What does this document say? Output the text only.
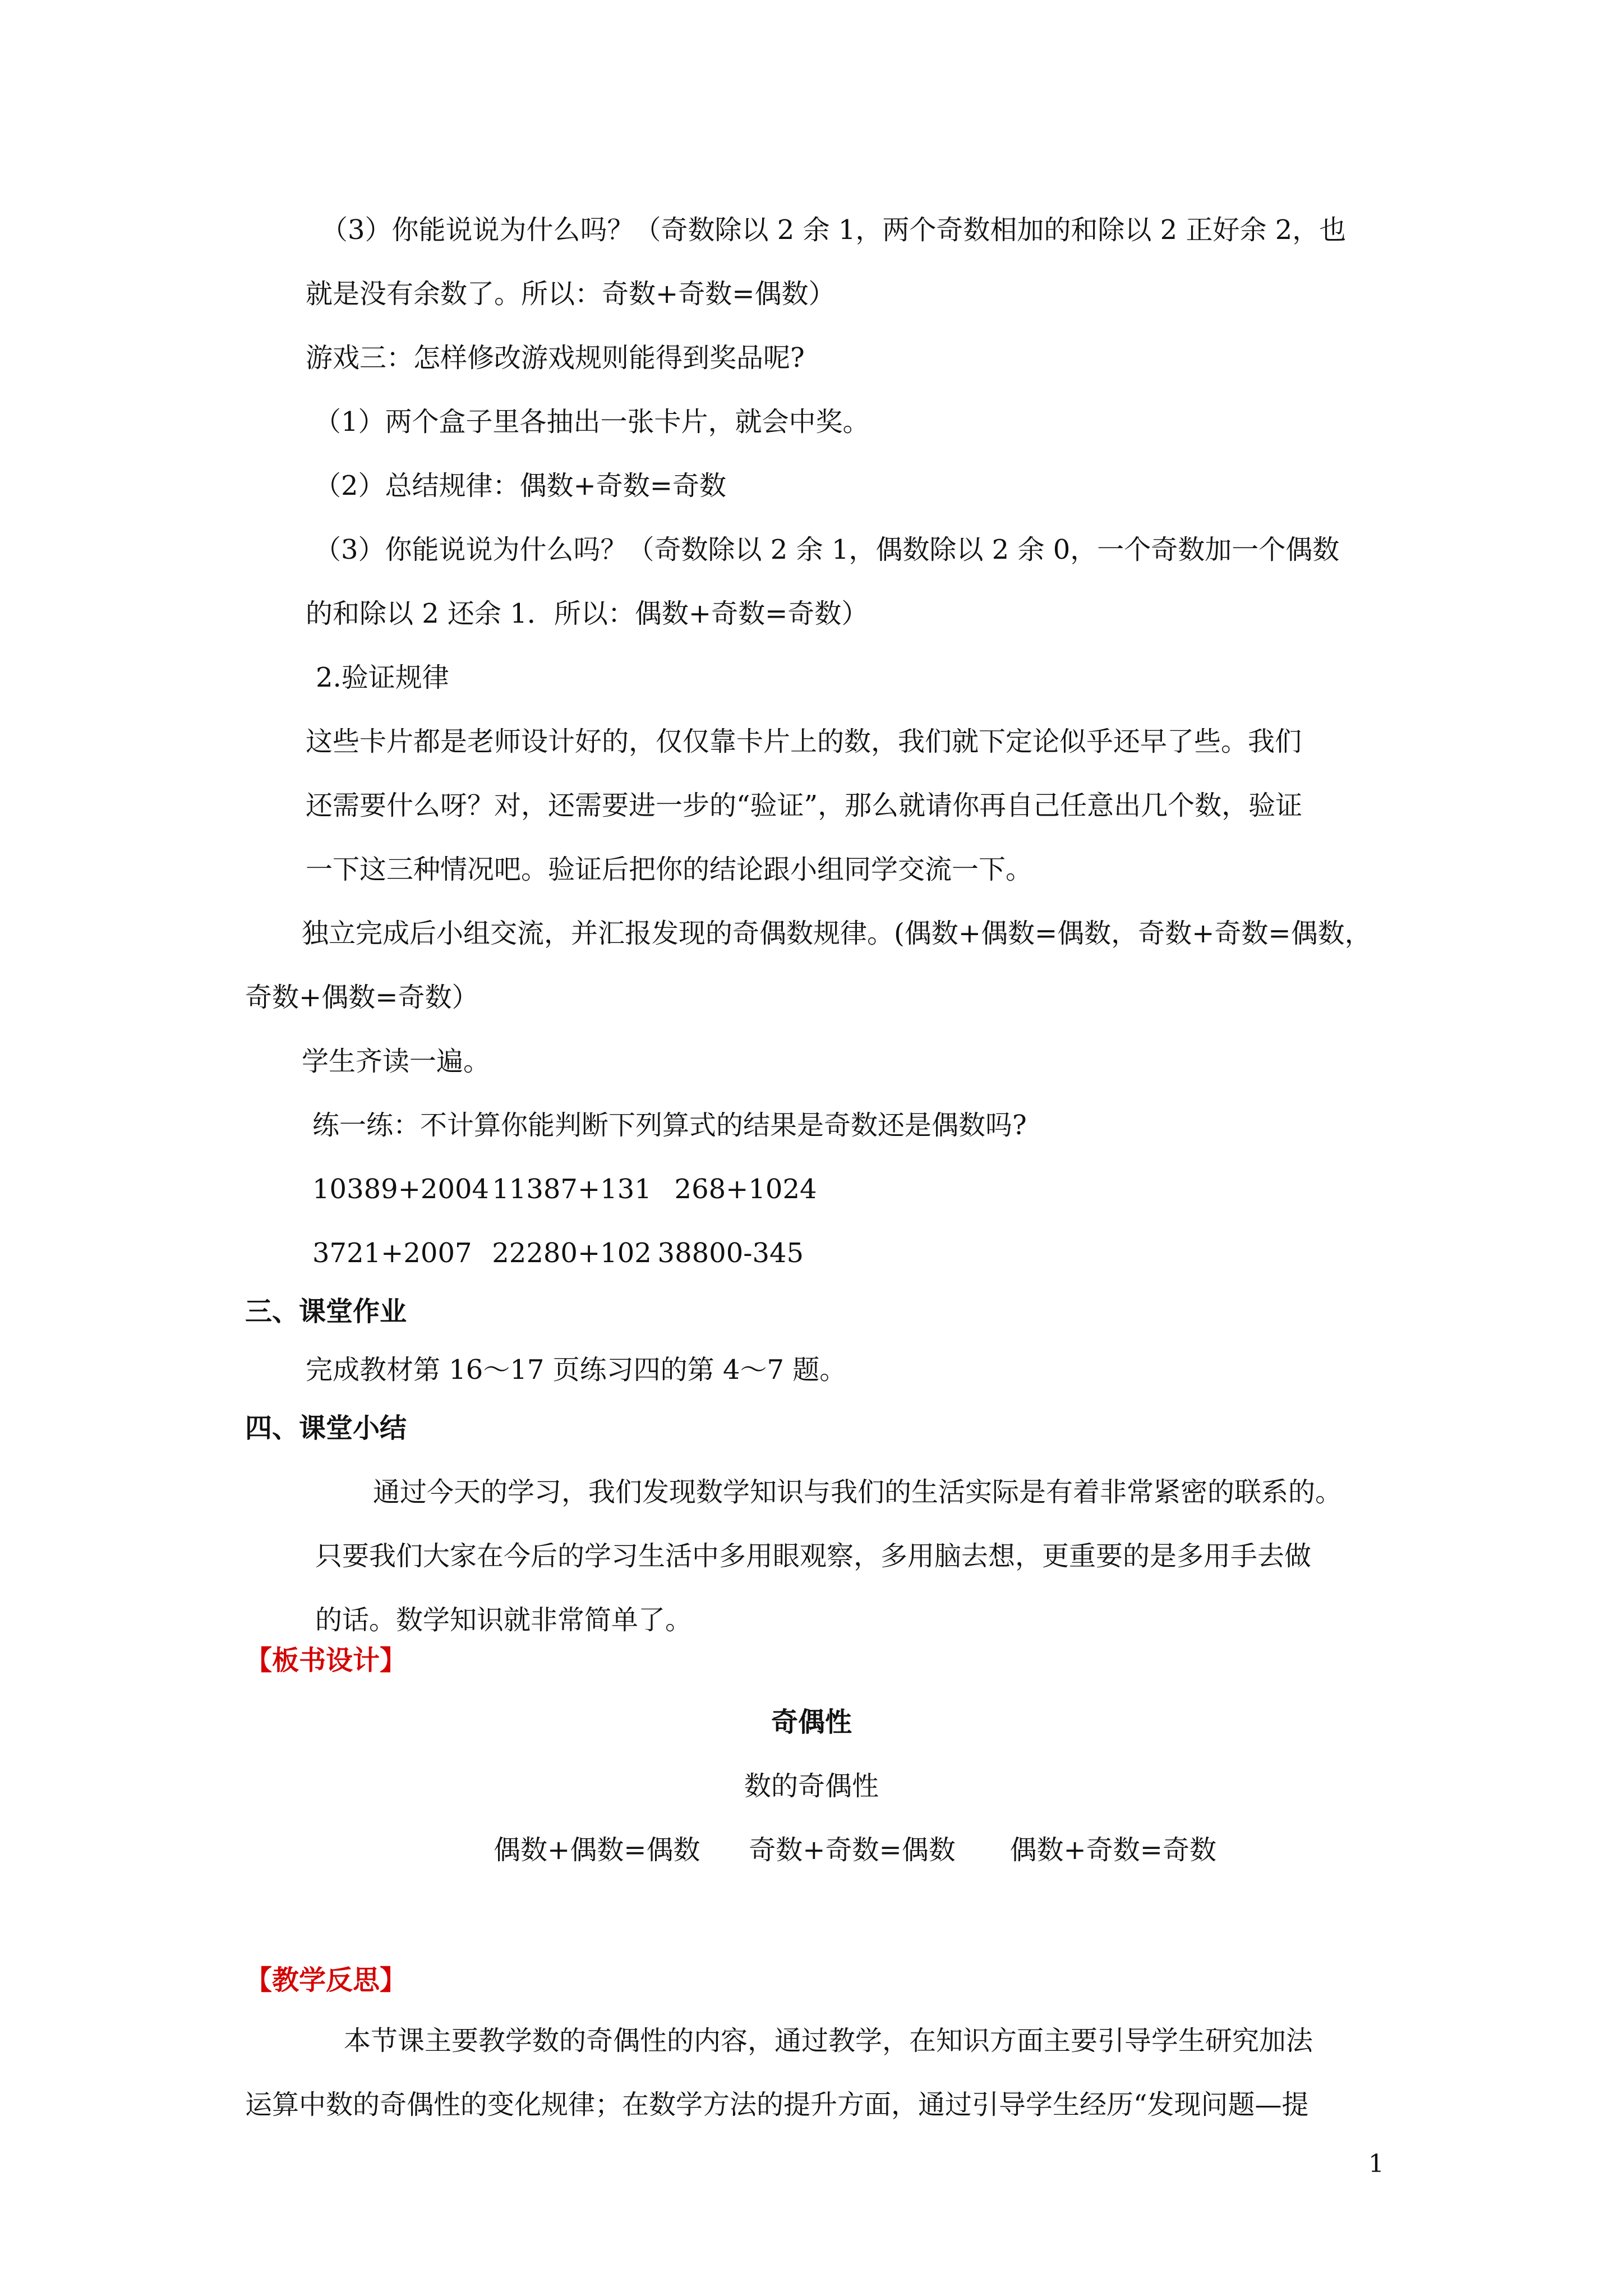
（3）你能说说为什么吗？（奇数除以 2 余 1，两个奇数相加的和除以 2 正好余 2，也
就是没有余数了。所以：奇数+奇数=偶数）
游戏三：怎样修改游戏规则能得到奖品呢?
（1）两个盒子里各抽出一张卡片，就会中奖。
（2）总结规律：偶数+奇数=奇数
（3）你能说说为什么吗？（奇数除以 2 余 1，偶数除以 2 余 0，一个奇数加一个偶数
的和除以 2 还余 1．所以：偶数+奇数=奇数）
2.验证规律
这些卡片都是老师设计好的，仅仅靠卡片上的数，我们就下定论似乎还早了些。我们
还需要什么呀？对，还需要进一步的“验证”，那么就请你再自己任意出几个数，验证
一下这三种情况吧。验证后把你的结论跟小组同学交流一下。
独立完成后小组交流，并汇报发现的奇偶数规律。(偶数+偶数=偶数，奇数+奇数=偶数，
奇数+偶数=奇数）
学生齐读一遍。
练一练：不计算你能判断下列算式的结果是奇数还是偶数吗?
10389+2004 11387+131 268+1024
3721+2007 22280+102 38800-345
三、课堂作业
完成教材第 16～17 页练习四的第 4～7 题。
四、课堂小结
通过今天的学习，我们发现数学知识与我们的生活实际是有着非常紧密的联系的。
只要我们大家在今后的学习生活中多用眼观察，多用脑去想，更重要的是多用手去做
的话。数学知识就非常简单了。
【板书设计】
奇偶性
数的奇偶性
偶数+偶数=偶数 奇数+奇数=偶数 偶数+奇数=奇数
【教学反思】
本节课主要教学数的奇偶性的内容，通过教学，在知识方面主要引导学生研究加法
运算中数的奇偶性的变化规律；在数学方法的提升方面，通过引导学生经历“发现问题—提
1
